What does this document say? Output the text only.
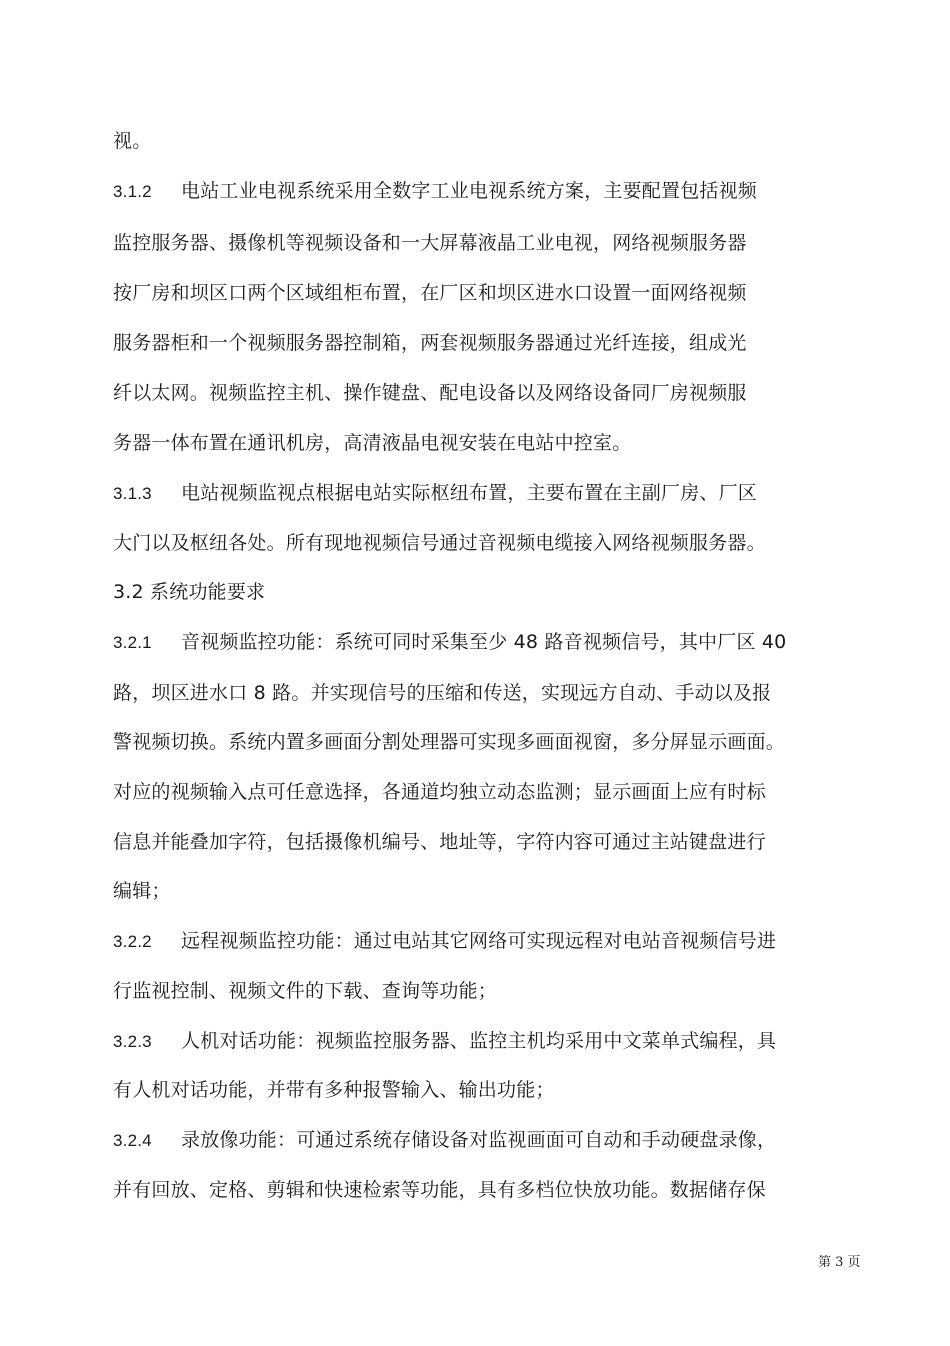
视。
3.1.2 电站工业电视系统采用全数字工业电视系统方案，主要配置包括视频
监控服务器、摄像机等视频设备和一大屏幕液晶工业电视，网络视频服务器
按厂房和坝区口两个区域组柜布置，在厂区和坝区进水口设置一面网络视频
服务器柜和一个视频服务器控制箱，两套视频服务器通过光纤连接，组成光
纤以太网。视频监控主机、操作键盘、配电设备以及网络设备同厂房视频服
务器一体布置在通讯机房，高清液晶电视安装在电站中控室。
3.1.3 电站视频监视点根据电站实际枢纽布置，主要布置在主副厂房、厂区
大门以及枢纽各处。所有现地视频信号通过音视频电缆接入网络视频服务器。
3.2 系统功能要求
3.2.1 音视频监控功能：系统可同时采集至少 48 路音视频信号，其中厂区 40
路，坝区进水口 8 路。并实现信号的压缩和传送，实现远方自动、手动以及报
警视频切换。系统内置多画面分割处理器可实现多画面视窗，多分屏显示画面。
对应的视频输入点可任意选择，各通道均独立动态监测；显示画面上应有时标
信息并能叠加字符，包括摄像机编号、地址等，字符内容可通过主站键盘进行
编辑；
3.2.2 远程视频监控功能：通过电站其它网络可实现远程对电站音视频信号进
行监视控制、视频文件的下载、查询等功能；
3.2.3 人机对话功能：视频监控服务器、监控主机均采用中文菜单式编程，具
有人机对话功能，并带有多种报警输入、输出功能；
3.2.4 录放像功能：可通过系统存储设备对监视画面可自动和手动硬盘录像，
并有回放、定格、剪辑和快速检索等功能，具有多档位快放功能。数据储存保
第 3 页
